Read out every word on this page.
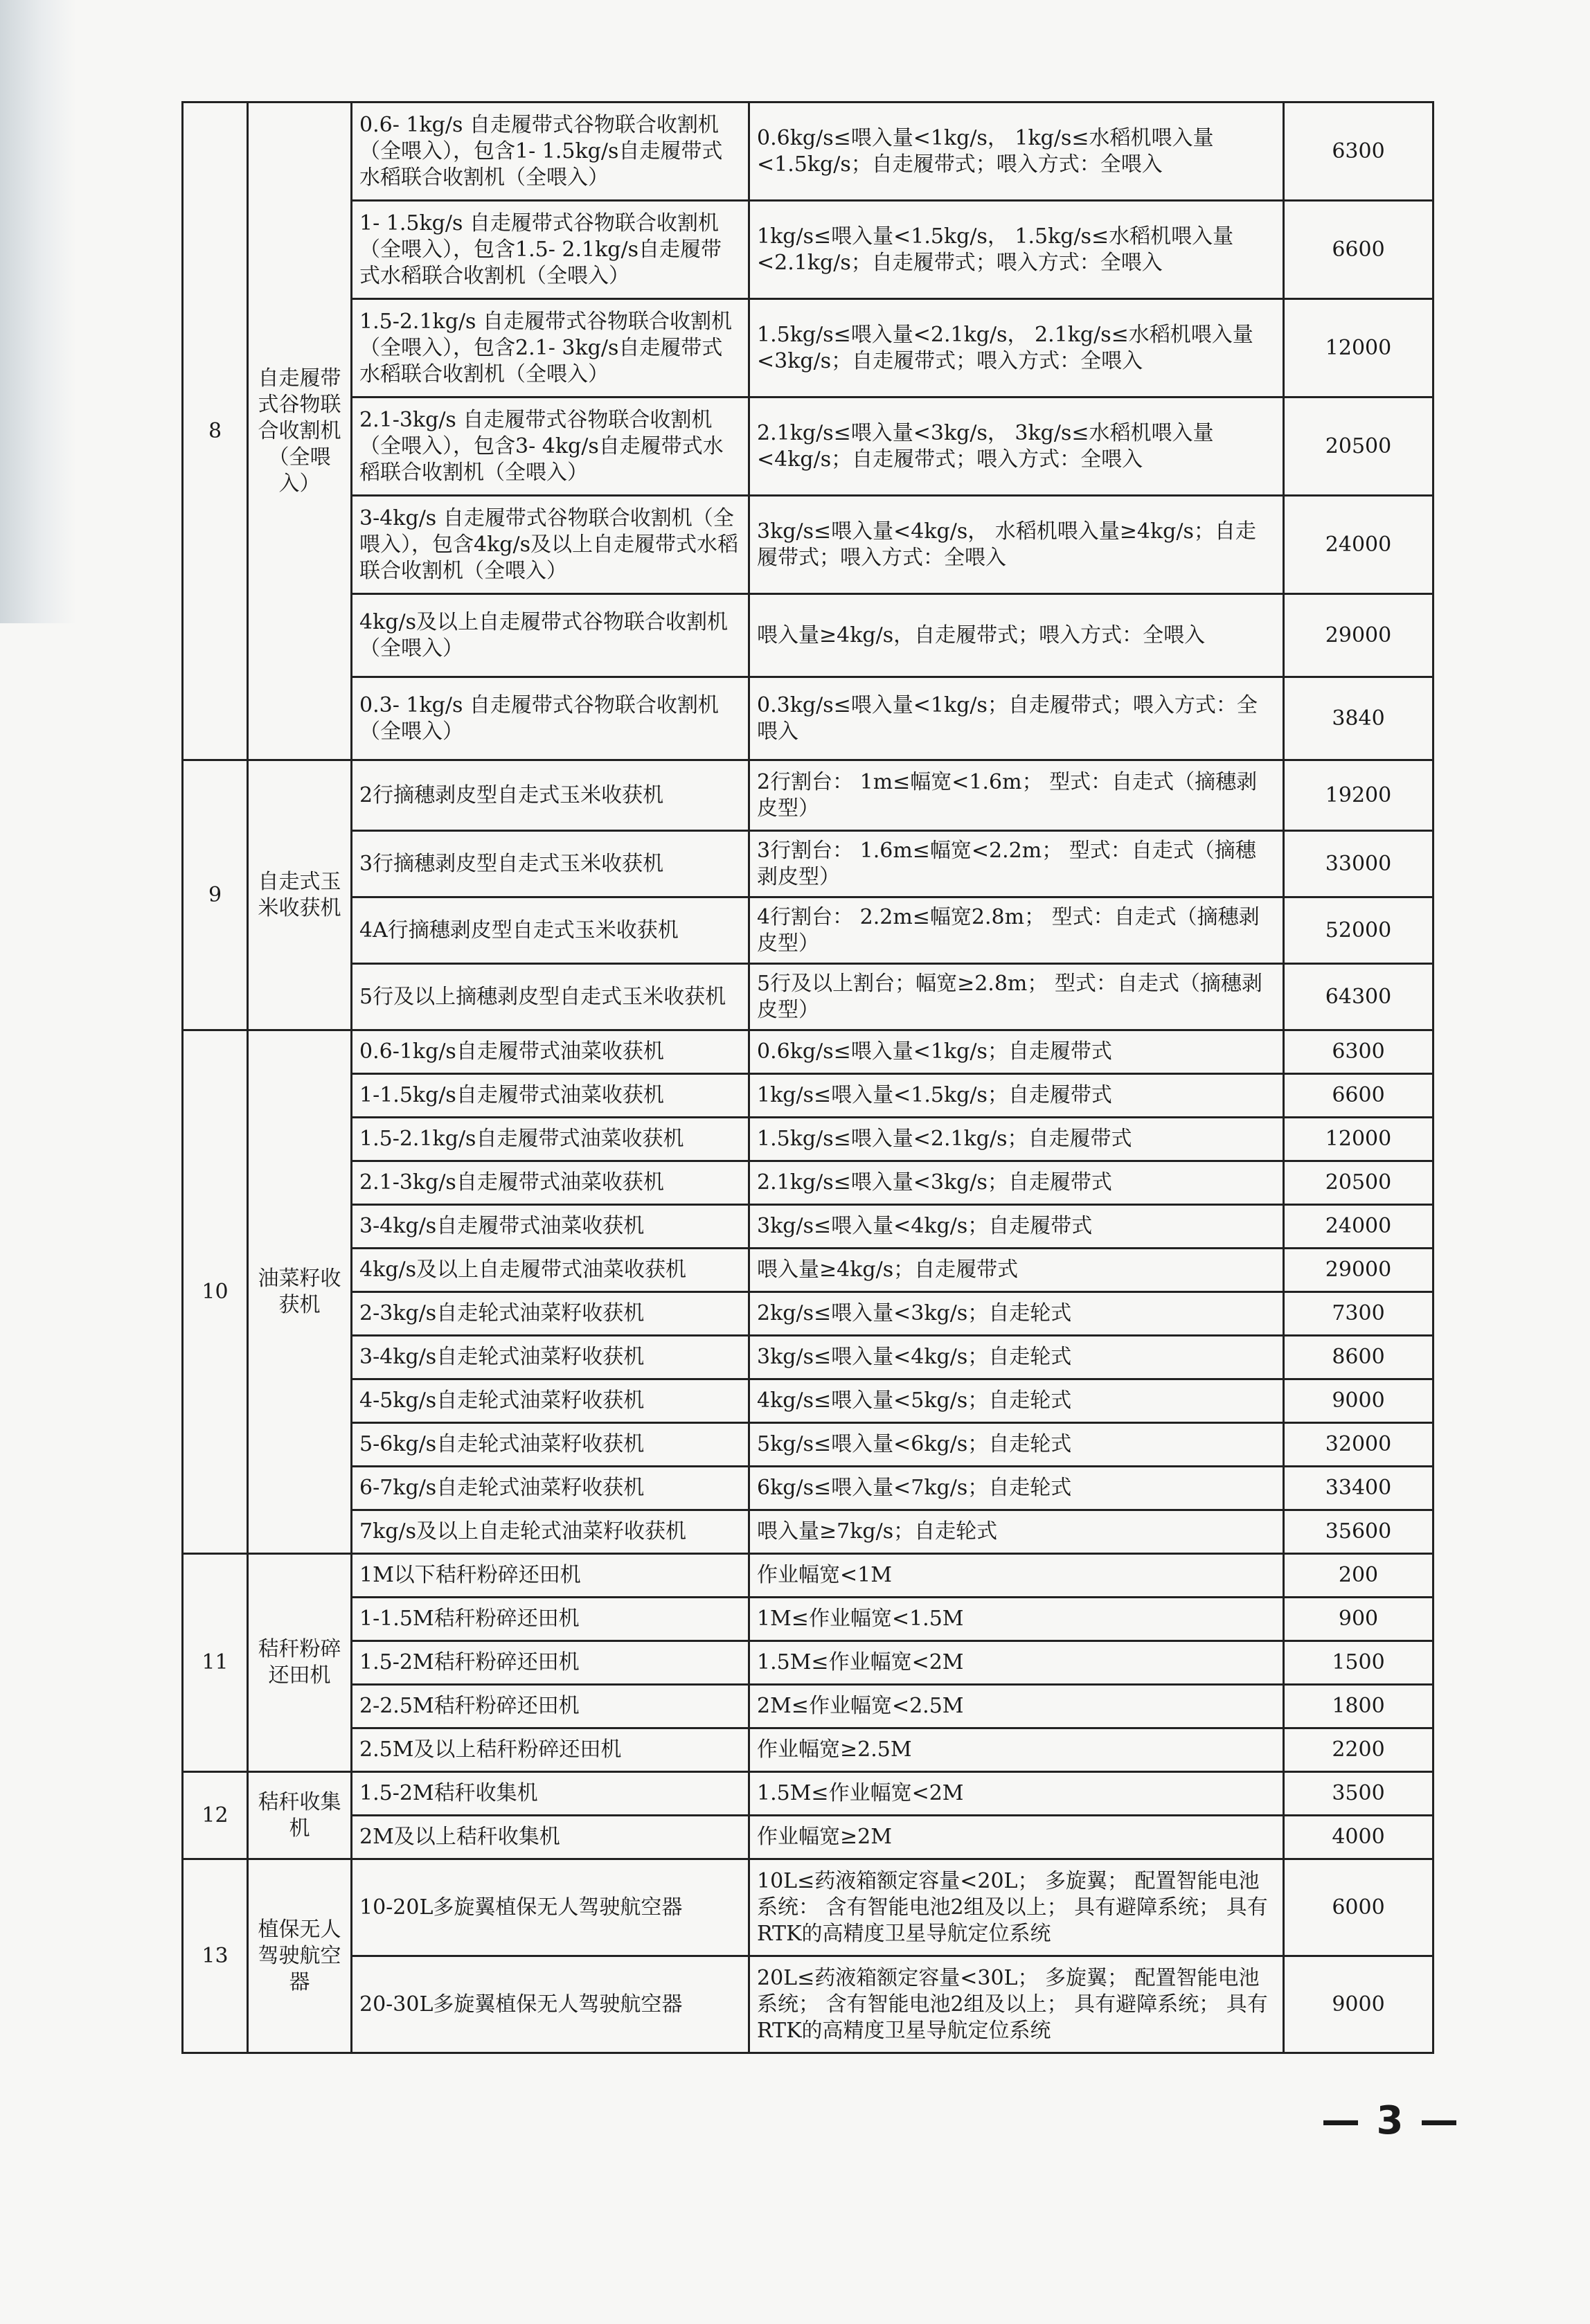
8	自走履带式谷物联合收割机（全喂入）	0.6- 1kg/s 自走履带式谷物联合收割机（全喂入），包含1- 1.5kg/s自走履带式水稻联合收割机（全喂入）	0.6kg/s≤喂入量<1kg/s， 1kg/s≤水稻机喂入量<1.5kg/s；自走履带式；喂入方式：全喂入	6300
		1- 1.5kg/s 自走履带式谷物联合收割机（全喂入），包含1.5- 2.1kg/s自走履带式水稻联合收割机（全喂入）	1kg/s≤喂入量<1.5kg/s， 1.5kg/s≤水稻机喂入量<2.1kg/s；自走履带式；喂入方式：全喂入	6600
		1.5-2.1kg/s 自走履带式谷物联合收割机（全喂入），包含2.1- 3kg/s自走履带式水稻联合收割机（全喂入）	1.5kg/s≤喂入量<2.1kg/s， 2.1kg/s≤水稻机喂入量<3kg/s；自走履带式；喂入方式：全喂入	12000
		2.1-3kg/s 自走履带式谷物联合收割机（全喂入），包含3- 4kg/s自走履带式水稻联合收割机（全喂入）	2.1kg/s≤喂入量<3kg/s， 3kg/s≤水稻机喂入量<4kg/s；自走履带式；喂入方式：全喂入	20500
		3-4kg/s 自走履带式谷物联合收割机（全喂入），包含4kg/s及以上自走履带式水稻联合收割机（全喂入）	3kg/s≤喂入量<4kg/s， 水稻机喂入量≥4kg/s；自走履带式；喂入方式：全喂入	24000
		4kg/s及以上自走履带式谷物联合收割机（全喂入）	喂入量≥4kg/s，自走履带式；喂入方式：全喂入	29000
		0.3- 1kg/s 自走履带式谷物联合收割机（全喂入）	0.3kg/s≤喂入量<1kg/s；自走履带式；喂入方式：全喂入	3840
9	自走式玉米收获机	2行摘穗剥皮型自走式玉米收获机	2行割台： 1m≤幅宽<1.6m； 型式：自走式（摘穗剥皮型）	19200
		3行摘穗剥皮型自走式玉米收获机	3行割台： 1.6m≤幅宽<2.2m； 型式：自走式（摘穗剥皮型）	33000
		4A行摘穗剥皮型自走式玉米收获机	4行割台： 2.2m≤幅宽2.8m； 型式：自走式（摘穗剥皮型）	52000
		5行及以上摘穗剥皮型自走式玉米收获机	5行及以上割台；幅宽≥2.8m； 型式：自走式（摘穗剥皮型）	64300
10	油菜籽收获机	0.6-1kg/s自走履带式油菜收获机	0.6kg/s≤喂入量<1kg/s；自走履带式	6300
		1-1.5kg/s自走履带式油菜收获机	1kg/s≤喂入量<1.5kg/s；自走履带式	6600
		1.5-2.1kg/s自走履带式油菜收获机	1.5kg/s≤喂入量<2.1kg/s；自走履带式	12000
		2.1-3kg/s自走履带式油菜收获机	2.1kg/s≤喂入量<3kg/s；自走履带式	20500
		3-4kg/s自走履带式油菜收获机	3kg/s≤喂入量<4kg/s；自走履带式	24000
		4kg/s及以上自走履带式油菜收获机	喂入量≥4kg/s；自走履带式	29000
		2-3kg/s自走轮式油菜籽收获机	2kg/s≤喂入量<3kg/s；自走轮式	7300
		3-4kg/s自走轮式油菜籽收获机	3kg/s≤喂入量<4kg/s；自走轮式	8600
		4-5kg/s自走轮式油菜籽收获机	4kg/s≤喂入量<5kg/s；自走轮式	9000
		5-6kg/s自走轮式油菜籽收获机	5kg/s≤喂入量<6kg/s；自走轮式	32000
		6-7kg/s自走轮式油菜籽收获机	6kg/s≤喂入量<7kg/s；自走轮式	33400
		7kg/s及以上自走轮式油菜籽收获机	喂入量≥7kg/s；自走轮式	35600
11	秸秆粉碎还田机	1M以下秸秆粉碎还田机	作业幅宽<1M	200
		1-1.5M秸秆粉碎还田机	1M≤作业幅宽<1.5M	900
		1.5-2M秸秆粉碎还田机	1.5M≤作业幅宽<2M	1500
		2-2.5M秸秆粉碎还田机	2M≤作业幅宽<2.5M	1800
		2.5M及以上秸秆粉碎还田机	作业幅宽≥2.5M	2200
12	秸秆收集机	1.5-2M秸秆收集机	1.5M≤作业幅宽<2M	3500
		2M及以上秸秆收集机	作业幅宽≥2M	4000
13	植保无人驾驶航空器	10-20L多旋翼植保无人驾驶航空器	10L≤药液箱额定容量<20L； 多旋翼； 配置智能电池系统： 含有智能电池2组及以上； 具有避障系统； 具有RTK的高精度卫星导航定位系统	6000
		20-30L多旋翼植保无人驾驶航空器	20L≤药液箱额定容量<30L； 多旋翼； 配置智能电池系统； 含有智能电池2组及以上； 具有避障系统； 具有RTK的高精度卫星导航定位系统	9000
— 3 —
